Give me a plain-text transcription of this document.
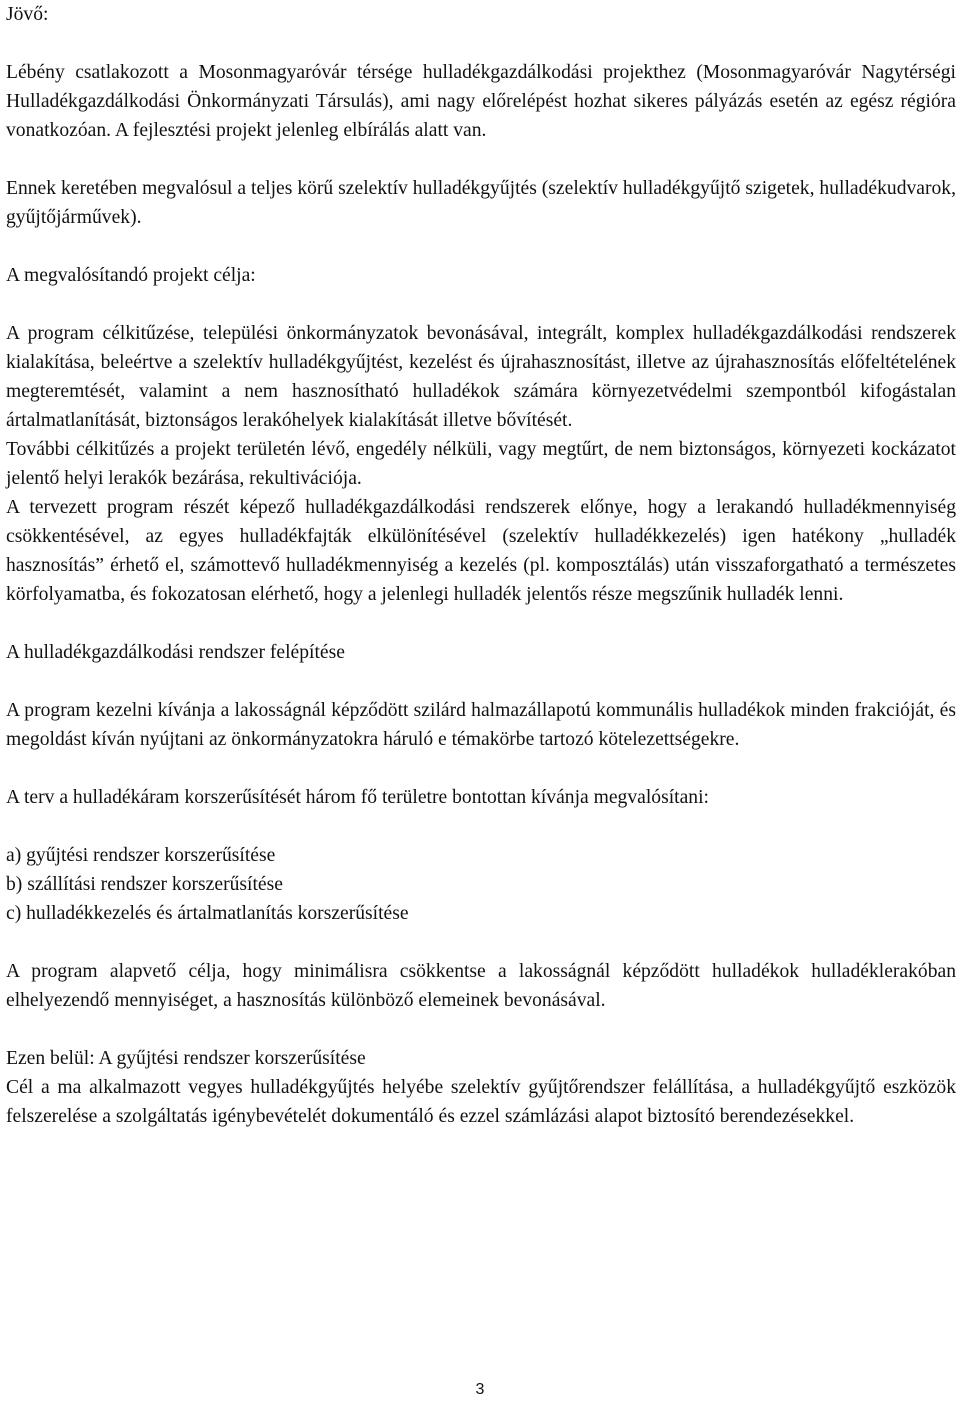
Jövő:

Lébény csatlakozott a Mosonmagyaróvár térsége hulladékgazdálkodási projekthez (Mosonmagyaróvár Nagytérségi Hulladékgazdálkodási Önkormányzati Társulás), ami nagy előrelépést hozhat sikeres pályázás esetén az egész régióra vonatkozóan. A fejlesztési projekt jelenleg elbírálás alatt van.

Ennek keretében megvalósul a teljes körű szelektív hulladékgyűjtés (szelektív hulladékgyűjtő szigetek, hulladékudvarok, gyűjtőjárművek).

A megvalósítandó projekt célja:

A program célkitűzése, települési önkormányzatok bevonásával, integrált, komplex hulladékgazdálkodási rendszerek kialakítása, beleértve a szelektív hulladékgyűjtést, kezelést és újrahasznosítást, illetve az újrahasznosítás előfeltételének megteremtését, valamint a nem hasznosítható hulladékok számára környezetvédelmi szempontból kifogástalan ártalmatlanítását, biztonságos lerakóhelyek kialakítását illetve bővítését.

További célkitűzés a projekt területén lévő, engedély nélküli, vagy megtűrt, de nem biztonságos, környezeti kockázatot jelentő helyi lerakók bezárása, rekultivációja.

A tervezett program részét képező hulladékgazdálkodási rendszerek előnye, hogy a lerakandó hulladékmennyiség csökkentésével, az egyes hulladékfajták elkülönítésével (szelektív hulladékkezelés) igen hatékony „hulladék hasznosítás” érhető el, számottevő hulladékmennyiség a kezelés (pl. komposztálás) után visszaforgatható a természetes körfolyamatba, és fokozatosan elérhető, hogy a jelenlegi hulladék jelentős része megszűnik hulladék lenni.

A hulladékgazdálkodási rendszer felépítése

A program kezelni kívánja a lakosságnál képződött szilárd halmazállapotú kommunális hulladékok minden frakcióját, és megoldást kíván nyújtani az önkormányzatokra háruló e témakörbe tartozó kötelezettségekre.

A terv a hulladékáram korszerűsítését három fő területre bontottan kívánja megvalósítani:

a) gyűjtési rendszer korszerűsítése

b) szállítási rendszer korszerűsítése

c) hulladékkezelés és ártalmatlanítás korszerűsítése

A program alapvető célja, hogy minimálisra csökkentse a lakosságnál képződött hulladékok hulladéklerakóban elhelyezendő mennyiséget, a hasznosítás különböző elemeinek bevonásával.

Ezen belül: A gyűjtési rendszer korszerűsítése

Cél a ma alkalmazott vegyes hulladékgyűjtés helyébe szelektív gyűjtőrendszer felállítása, a hulladékgyűjtő eszközök felszerelése a szolgáltatás igénybevételét dokumentáló és ezzel számlázási alapot biztosító berendezésekkel.

3
